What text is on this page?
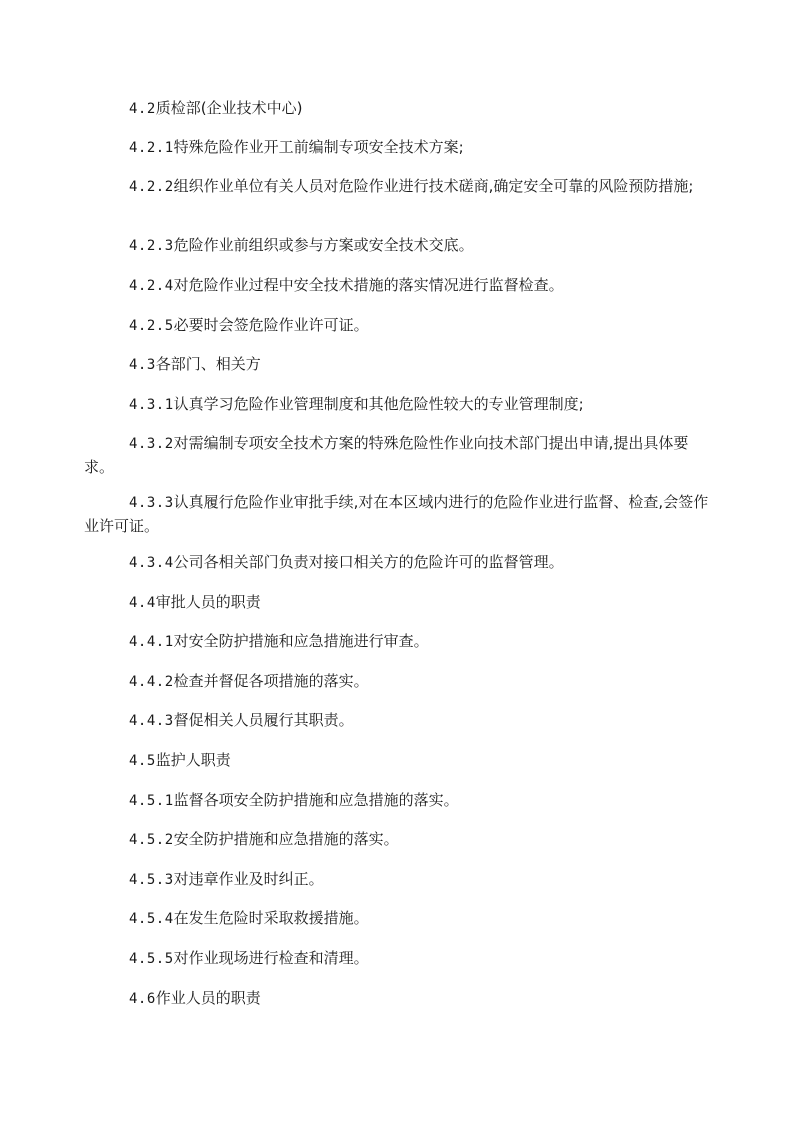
4.2质检部(企业技术中心)

4.2.1特殊危险作业开工前编制专项安全技术方案;

4.2.2组织作业单位有关人员对危险作业进行技术磋商,确定安全可靠的风险预防措施;

4.2.3危险作业前组织或参与方案或安全技术交底。

4.2.4对危险作业过程中安全技术措施的落实情况进行监督检查。

4.2.5必要时会签危险作业许可证。

4.3各部门、相关方

4.3.1认真学习危险作业管理制度和其他危险性较大的专业管理制度;

4.3.2对需编制专项安全技术方案的特殊危险性作业向技术部门提出申请,提出具体要求。

4.3.3认真履行危险作业审批手续,对在本区域内进行的危险作业进行监督、检查,会签作业许可证。

4.3.4公司各相关部门负责对接口相关方的危险许可的监督管理。

4.4审批人员的职责

4.4.1对安全防护措施和应急措施进行审查。

4.4.2检查并督促各项措施的落实。

4.4.3督促相关人员履行其职责。

4.5监护人职责

4.5.1监督各项安全防护措施和应急措施的落实。

4.5.2安全防护措施和应急措施的落实。

4.5.3对违章作业及时纠正。

4.5.4在发生危险时采取救援措施。

4.5.5对作业现场进行检查和清理。

4.6作业人员的职责
